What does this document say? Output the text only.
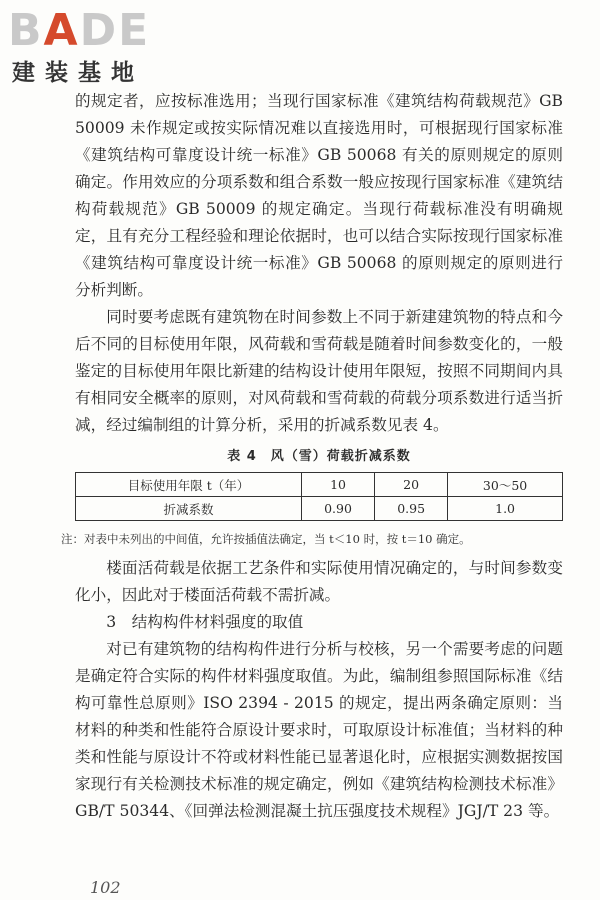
BADE
建装基地

的规定者，应按标准选用；当现行国家标准《建筑结构荷载规范》GB 50009 未作规定或按实际情况难以直接选用时，可根据现行国家标准《建筑结构可靠度设计统一标准》GB 50068 有关的原则规定的原则确定。作用效应的分项系数和组合系数一般应按现行国家标准《建筑结构荷载规范》GB 50009 的规定确定。当现行荷载标准没有明确规定，且有充分工程经验和理论依据时，也可以结合实际按现行国家标准《建筑结构可靠度设计统一标准》GB 50068 的原则规定的原则进行分析判断。

同时要考虑既有建筑物在时间参数上不同于新建建筑物的特点和今后不同的目标使用年限，风荷载和雪荷载是随着时间参数变化的，一般鉴定的目标使用年限比新建的结构设计使用年限短，按照不同期间内具有相同安全概率的原则，对风荷载和雪荷载的荷载分项系数进行适当折减，经过编制组的计算分析，采用的折减系数见表 4。

表 4　风（雪）荷载折减系数
目标使用年限 t（年）	10	20	30～50
折减系数	0.90	0.95	1.0
注：对表中未列出的中间值，允许按插值法确定，当 t＜10 时，按 t＝10 确定。

楼面活荷载是依据工艺条件和实际使用情况确定的，与时间参数变化小，因此对于楼面活荷载不需折减。

3　结构构件材料强度的取值

对已有建筑物的结构构件进行分析与校核，另一个需要考虑的问题是确定符合实际的构件材料强度取值。为此，编制组参照国际标准《结构可靠性总原则》ISO 2394 - 2015 的规定，提出两条确定原则：当材料的种类和性能符合原设计要求时，可取原设计标准值；当材料的种类和性能与原设计不符或材料性能已显著退化时，应根据实测数据按国家现行有关检测技术标准的规定确定，例如《建筑结构检测技术标准》GB/T 50344、《回弹法检测混凝土抗压强度技术规程》JGJ/T 23 等。

102
